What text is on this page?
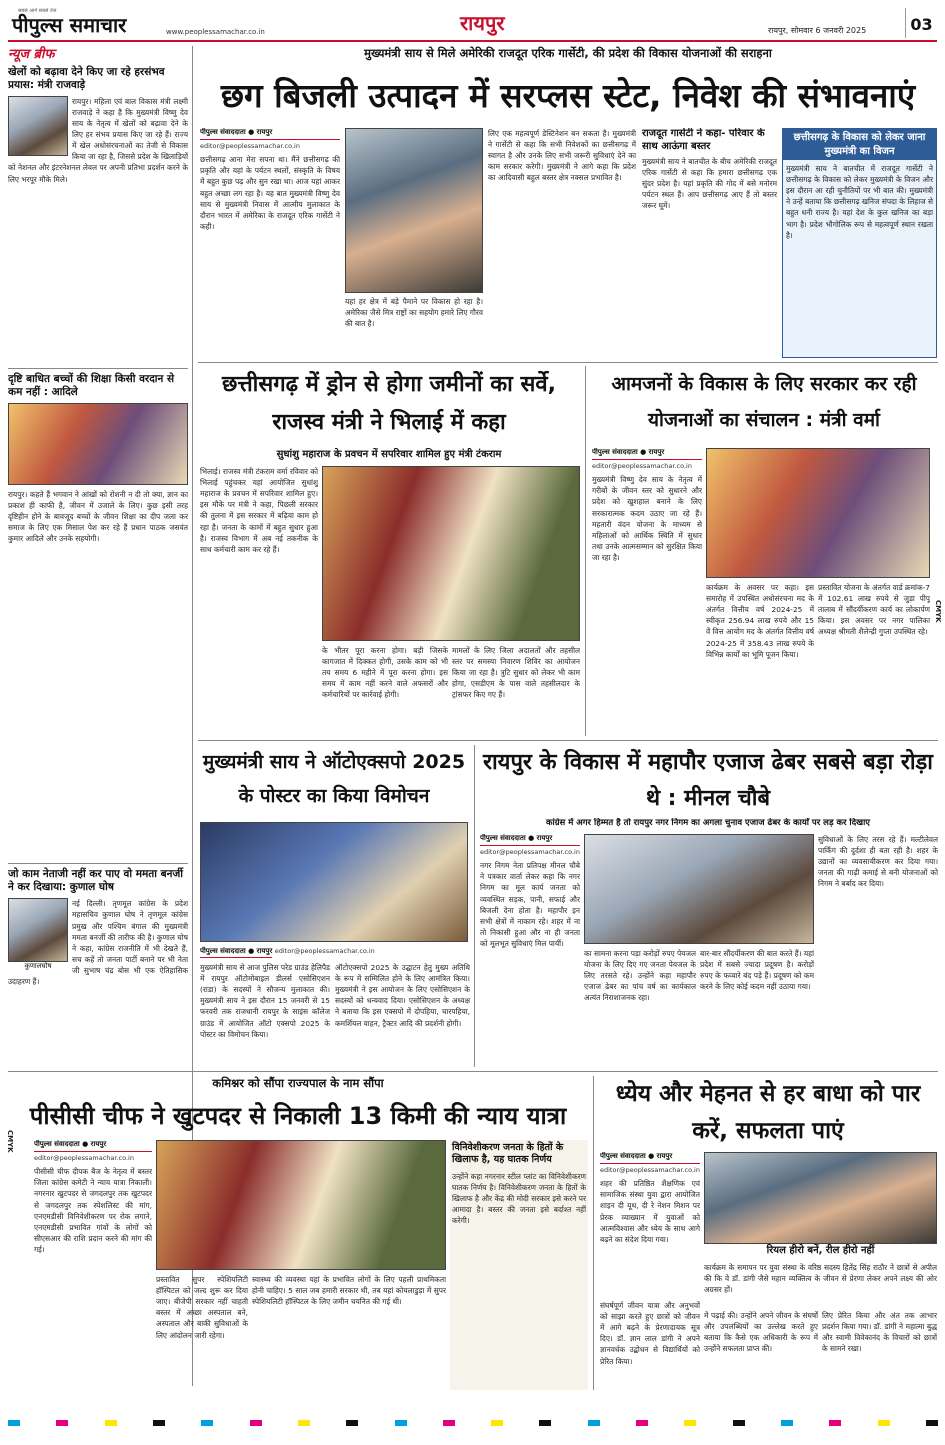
सबसे आगे सबसे तेज
पीपुल्स समाचार	www.peoplessamachar.co.in	रायपुर	रायपुर, सोमवार 6 जनवरी 2025	03
न्यूज ब्रीफ
खेलों को बढ़ावा देने किए जा रहे हरसंभव प्रयास: मंत्री राजवाड़े
रायपुर। महिला एवं बाल विकास मंत्री लक्ष्मी राजवाड़े ने कहा है कि मुख्यमंत्री विष्णु देव साय के नेतृत्व में खेलों को बढ़ावा देने के लिए हर संभव प्रयास किए जा रहे हैं। राज्य में खेल अधोसंरचनाओं का तेजी से विकास किया जा रहा है, जिससे प्रदेश के खिलाड़ियों को नेशनल और इंटरनेशनल लेवल पर अपनी प्रतिभा प्रदर्शन करने के लिए भरपूर मौके मिले।
दृष्टि बाधित बच्चों की शिक्षा किसी वरदान से कम नहीं : आदिले
रायपुर। कहते हैं भगवान ने आंखों को रोशनी न दी तो क्या, ज्ञान का प्रकाश ही काफी है, जीवन में उजाले के लिए। कुछ इसी तरह दृष्टिहीन होने के बावजूद बच्चों के जीवन शिक्षा का दीप जला कर समाज के लिए एक मिसाल पेश कर रहे हैं प्रधान पाठक जसवंत कुमार आदिले और उनके सहयोगी।
जो काम नेताजी नहीं कर पाए वो ममता बनर्जी ने कर दिखाया: कुणाल घोष
कुणालघोष
नई दिल्ली। तृणमूल कांग्रेस के प्रदेश महासचिव कुणाल घोष ने तृणमूल कांग्रेस प्रमुख और पश्चिम बंगाल की मुख्यमंत्री ममता बनर्जी की तारीफ की है। कुणाल घोष ने कहा, कांग्रेस राजनीति में भी देखते हैं, सच कहें तो जनता पार्टी बनाने पर भी नेता जी सुभाष चंद्र बोस भी एक ऐतिहासिक उदाहरण हैं।
मुख्यमंत्री साय से मिले अमेरिकी राजदूत एरिक गार्सेटी, की प्रदेश की विकास योजनाओं की सराहना
छग बिजली उत्पादन में सरप्लस स्टेट, निवेश की संभावनाएं
पीपुल्स संवाददाता ● रायपुर
editor@peoplessamachar.co.in
छत्तीसगढ़ आना मेरा सपना था। मैंने छत्तीसगढ़ की प्रकृति और यहां के पर्यटन स्थलों, संस्कृति के विषय में बहुत कुछ पढ़ और सुन रखा था। आज यहां आकर बहुत अच्छा लग रहा है। यह बात मुख्यमंत्री विष्णु देव साय से मुख्यमंत्री निवास में आत्मीय मुलाकात के दौरान भारत में अमेरिका के राजदूत एरिक गार्सेटी ने कही।
यहां हर क्षेत्र में बड़े पैमाने पर विकास हो रहा है। अमेरिका जैसे मित्र राष्ट्रों का सहयोग हमारे लिए गौरव की बात है।
लिए एक महत्वपूर्ण डेस्टिनेशन बन सकता है। मुख्यमंत्री ने गार्सेटी से कहा कि सभी निवेशकों का छत्तीसगढ़ में स्वागत है और उनके लिए सभी जरूरी सुविधाएं देने का काम सरकार करेगी। मुख्यमंत्री ने आगे कहा कि प्रदेश का आदिवासी बहुल बस्तर क्षेत्र नक्सल प्रभावित है।
राजदूत गार्सेटी ने कहा- परिवार के साथ आऊंगा बस्तर
मुख्यमंत्री साय ने बातचीत के बीच अमेरिकी राजदूत एरिक गार्सेटी से कहा कि हमारा छत्तीसगढ़ एक सुंदर प्रदेश है। यहां प्रकृति की गोद में बसे मनोरम पर्यटन स्थल हैं। आप छत्तीसगढ़ आए हैं तो बस्तर जरूर घूमें।
छत्तीसगढ़ के विकास को लेकर जाना मुख्यमंत्री का विजन
मुख्यमंत्री साय ने बातचीत में राजदूत गार्सेटी ने छत्तीसगढ़ के विकास को लेकर मुख्यमंत्री के विजन और इस दौरान आ रही चुनौतियों पर भी बात की। मुख्यमंत्री ने उन्हें बताया कि छत्तीसगढ़ खनिज संपदा के लिहाज से बहुत धनी राज्य है। यहां देश के कुल खनिज का बड़ा भाग है। प्रदेश भौगोलिक रूप से महत्वपूर्ण स्थान रखता है।
छत्तीसगढ़ में ड्रोन से होगा जमीनों का सर्वे, राजस्व मंत्री ने भिलाई में कहा
सुधांशु महाराज के प्रवचन में सपरिवार शामिल हुए मंत्री टंकराम
भिलाई। राजस्व मंत्री टंकराम वर्मा रविवार को भिलाई पहुंचकर यहां आयोजित सुधांशु महाराज के प्रवचन में सपरिवार शामिल हुए। इस मौके पर मंत्री ने कहा, पिछली सरकार की तुलना में इस सरकार में बढ़िया काम हो रहा है। जनता के कामों में बहुत सुधार हुआ है। राजस्व विभाग में अब नई तकनीक के साथ कर्मचारी काम कर रहे हैं।
के भीतर पूरा करना होगा। बड़ी जिसके कागजात में दिक्कत होगी, उसके काम को भी तय समय 6 महीने में पूरा करना होगा। इस समय में काम नहीं करने वाले अफसरों और कर्मचारियों पर कार्रवाई होगी।
मामलों के लिए जिला अदालतों और तहसील स्तर पर समस्या निवारण शिविर का आयोजन किया जा रहा है। त्रुटि सुधार को लेकर भी काम होगा, एसडीएम के पास वाले तहसीलदार के ट्रांसफर किए गए हैं।
आमजनों के विकास के लिए सरकार कर रही योजनाओं का संचालन : मंत्री वर्मा
पीपुल्स संवाददाता ● रायपुर
editor@peoplessamachar.co.in
मुख्यमंत्री विष्णु देव साय के नेतृत्व में गरीबों के जीवन स्तर को सुधारने और प्रदेश को खुशहाल बनाने के लिए सरकारात्मक कदम उठाए जा रहे हैं। महतारी वंदन योजना के माध्यम से महिलाओं को आर्थिक स्थिति में सुधार तथा उनके आत्मसम्मान को सुरक्षित किया जा रहा है।
कार्यक्रम के अवसर पर कहा। इस समारोह में उपस्थित अधोसंरचना मद के अंतर्गत वित्तीय वर्ष 2024-25 में स्वीकृत 256.94 लाख रुपये और 15 वें वित्त आयोग मद के अंतर्गत वित्तीय वर्ष 2024-25 में 358.43 लाख रुपये के विभिन्न कार्यों का भूमि पूजन किया।
प्रस्तावित योजना के अंतर्गत वार्ड क्रमांक-7 में 102.61 लाख रुपये से जुड़ा पीपू तालाब में सौंदर्यीकरण कार्य का लोकार्पण किया। इस अवसर पर नगर पालिका अध्यक्ष श्रीमती शैलेन्द्री गुप्ता उपस्थित रहे।
मुख्यमंत्री साय ने ऑटोएक्सपो 2025 के पोस्टर का किया विमोचन
पीपुल्स संवाददाता ● रायपुर editor@peoplessamachar.co.in
मुख्यमंत्री साय से आज पुलिस परेड ग्राउंड हेलिपैड में रायपुर ऑटोमोबाइल डीलर्स एसोसिएशन (राडा) के सदस्यों ने सौजन्य मुलाकात की। मुख्यमंत्री साय ने इस दौरान 15 जनवरी से 15 फरवरी तक राजधानी रायपुर के साइंस कॉलेज ग्राउंड में आयोजित ऑटो एक्सपो 2025 के पोस्टर का विमोचन किया।
ऑटोएक्सपो 2025 के उद्घाटन हेतु मुख्य अतिथि के रूप में सम्मिलित होने के लिए आमंत्रित किया। मुख्यमंत्री ने इस आयोजन के लिए एसोसिएशन के सदस्यों को धन्यवाद दिया। एसोसिएशन के अध्यक्ष ने बताया कि इस एक्सपो में दोपहिया, चारपहिया, कमर्शियल वाहन, ट्रैक्टर आदि की प्रदर्शनी होगी।
रायपुर के विकास में महापौर एजाज ढेबर सबसे बड़ा रोड़ा थे : मीनल चौबे
कांग्रेस में अगर हिम्मत है तो रायपुर नगर निगम का अगला चुनाव एजाज ढेबर के कार्यों पर लड़ कर दिखाए
पीपुल्स संवाददाता ● रायपुर
editor@peoplessamachar.co.in
नगर निगम नेता प्रतिपक्ष मीनल चौबे ने पत्रकार वार्ता लेकर कहा कि नगर निगम का मूल कार्य जनता को व्यवस्थित सड़क, पानी, सफाई और बिजली देना होता है। महापौर इन सभी क्षेत्रों में नाकाम रहे। शहर में ना तो निकासी हुआ और ना ही जनता को मूलभूत सुविधाएं मिल पायीं।
का सामना करना पड़ा करोड़ों रुपए पेयजल योजना के लिए दिए गए जनता पेयजल के लिए तरसते रहे। उन्होंने कहा महापौर एजाज ढेबर का पांच वर्ष का कार्यकाल अत्यंत निराशाजनक रहा।
बार-बार सौंदर्यीकरण की बात करते हैं। यहां प्रदेश में सबसे ज्यादा प्रदूषण है। करोड़ों रुपए के फव्वारे बंद पड़े हैं। प्रदूषण को कम करने के लिए कोई कदम नहीं उठाया गया।
सुविधाओं के लिए तरस रहे हैं। मल्टीलेवल पार्किंग की दुर्दशा ही बता रही है। शहर के उद्यानों का व्यवसायीकरण कर दिया गया। जनता की गाढ़ी कमाई से बनी योजनाओं को निगम ने बर्बाद कर दिया।
कमिश्नर को सौंपा राज्यपाल के नाम सौंपा
पीसीसी चीफ ने खुटपदर से निकाली 13 किमी की न्याय यात्रा
पीपुल्स संवाददाता ● रायपुर
editor@peoplessamachar.co.in
पीसीसी चीफ दीपक बैज के नेतृत्व में बस्तर जिला कांग्रेस कमेटी ने न्याय यात्रा निकाली। नगरनार खुटपदर से जगदलपुर तक खुटपदर से जगदलपुर तक स्पेशलिस्ट की मांग, एनएमडीसी विनिवेशीकरण पर रोक लगाने, एनएमडीसी प्रभावित गांवों के लोगों को सीएसआर की राशि प्रदान करने की मांग की गई।
प्रस्तावित सुपर स्पेशियलिटी हॉस्पिटल को जल्द शुरू कर दिया जाए। बीजेपी सरकार नहीं चाहती बस्तर में अच्छा अस्पताल बने, अस्पताल और बाकी सुविधाओं के लिए आंदोलन जारी रहेगा।
स्वास्थ्य की व्यवस्था यहां के प्रभावित लोगों के लिए पहली प्राथमिकता होनी चाहिए। 5 साल जब हमारी सरकार थी, तब यहां कोयलाडुड़ा में सुपर स्पेशियलिटी हॉस्पिटल के लिए जमीन चयनित की गई थी।
विनिवेशीकरण जनता के हितों के खिलाफ है, यह घातक निर्णय
उन्होंने कहा नगरनार स्टील प्लांट का विनिवेशीकरण घातक निर्णय है। विनिवेशीकरण जनता के हितों के खिलाफ है और केंद्र की मोदी सरकार इसे करने पर आमादा है। बस्तर की जनता इसे बर्दाश्त नहीं करेगी।
ध्येय और मेहनत से हर बाधा को पार करें, सफलता पाएं
पीपुल्स संवाददाता ● रायपुर
editor@peoplessamachar.co.in
शहर की प्रतिष्ठित शैक्षणिक एवं सामाजिक संस्था युवा द्वारा आयोजित शाइन दी यूथ, दी रे नेशन मिशन पर प्रेरक व्याख्यान में युवाओं को आत्मविश्वास और ध्येय के साथ आगे बढ़ने का संदेश दिया गया।
रियल हीरो बनें, रील हीरो नहीं
कार्यक्रम के समापन पर युवा संस्था के वरिष्ठ सदस्य हितेंद्र सिंह राठौर ने छात्रों से अपील की कि वे डॉ. डांगी जैसे महान व्यक्तित्व के जीवन से प्रेरणा लेकर अपने लक्ष्य की ओर अग्रसर हों।
में पढ़ाई की। उन्होंने अपने जीवन के संघर्षों और उपलब्धियों का उल्लेख करते हुए बताया कि कैसे एक अधिकारी के रूप में उन्होंने सफलता प्राप्त की।
लिए प्रेरित किया और अंत तक आभार प्रदर्शन किया गया। डॉ. डांगी ने महात्मा बुद्ध और स्वामी विवेकानंद के विचारों को छात्रों के सामने रखा।
संघर्षपूर्ण जीवन यात्रा और अनुभवों को साझा करते हुए छात्रों को जीवन में आगे बढ़ने के प्रेरणादायक सूत्र दिए। डॉ. ज्ञान लाल डांगी ने अपने ज्ञानवर्धक उद्बोधन से विद्यार्थियों को प्रेरित किया।
CMYK
CMYK
